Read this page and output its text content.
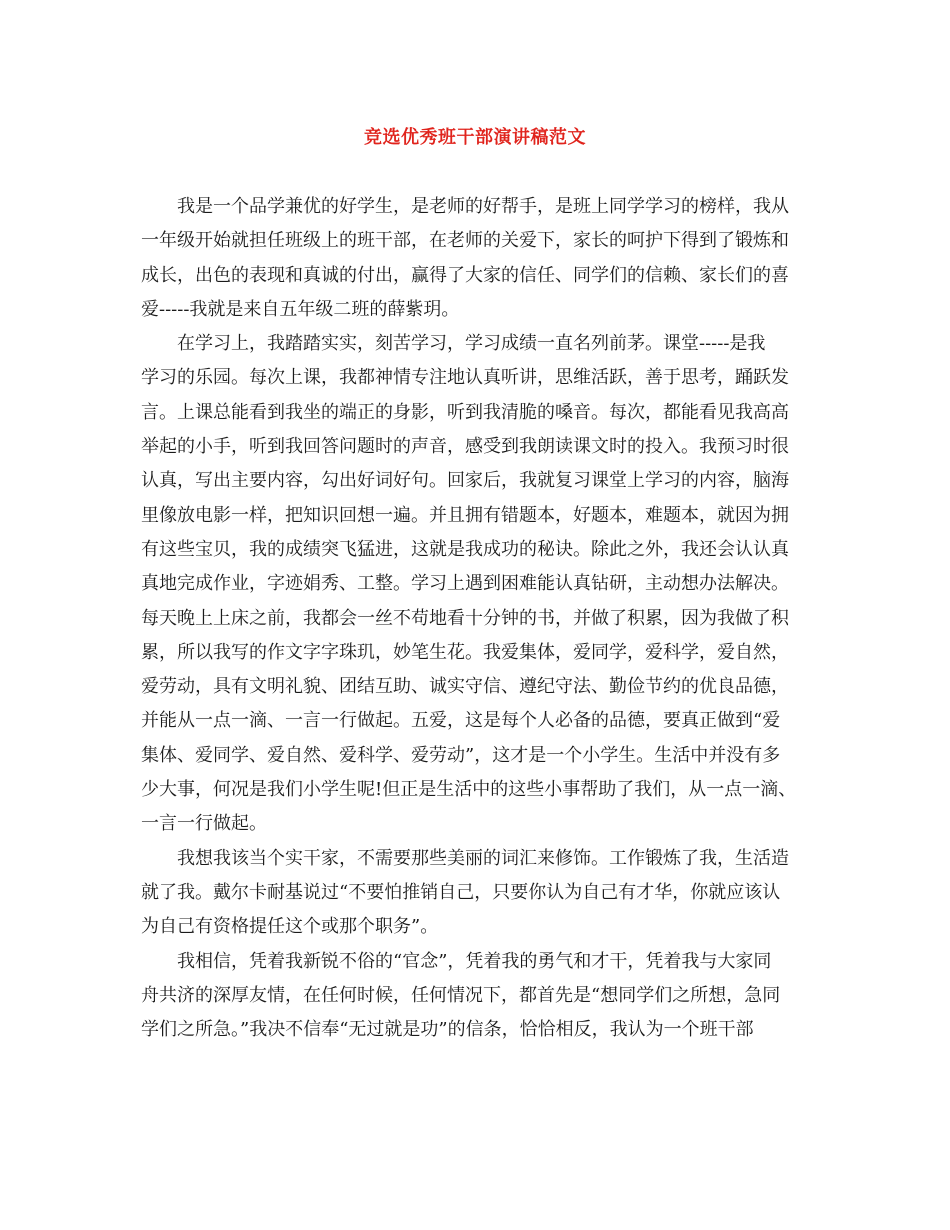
竞选优秀班干部演讲稿范文
我是一个品学兼优的好学生，是老师的好帮手，是班上同学学习的榜样，我从
一年级开始就担任班级上的班干部，在老师的关爱下，家长的呵护下得到了锻炼和
成长，出色的表现和真诚的付出，赢得了大家的信任、同学们的信赖、家长们的喜
爱-----我就是来自五年级二班的薛紫玥。
在学习上，我踏踏实实，刻苦学习，学习成绩一直名列前茅。课堂-----是我
学习的乐园。每次上课，我都神情专注地认真听讲，思维活跃，善于思考，踊跃发
言。上课总能看到我坐的端正的身影，听到我清脆的嗓音。每次，都能看见我高高
举起的小手，听到我回答问题时的声音，感受到我朗读课文时的投入。我预习时很
认真，写出主要内容，勾出好词好句。回家后，我就复习课堂上学习的内容，脑海
里像放电影一样，把知识回想一遍。并且拥有错题本，好题本，难题本，就因为拥
有这些宝贝，我的成绩突飞猛进，这就是我成功的秘诀。除此之外，我还会认认真
真地完成作业，字迹娟秀、工整。学习上遇到困难能认真钻研，主动想办法解决。
每天晚上上床之前，我都会一丝不苟地看十分钟的书，并做了积累，因为我做了积
累，所以我写的作文字字珠玑，妙笔生花。我爱集体，爱同学，爱科学，爱自然，
爱劳动，具有文明礼貌、团结互助、诚实守信、遵纪守法、勤俭节约的优良品德，
并能从一点一滴、一言一行做起。五爱，这是每个人必备的品德，要真正做到“爱
集体、爱同学、爱自然、爱科学、爱劳动”，这才是一个小学生。生活中并没有多
少大事，何况是我们小学生呢!但正是生活中的这些小事帮助了我们，从一点一滴、
一言一行做起。
我想我该当个实干家，不需要那些美丽的词汇来修饰。工作锻炼了我，生活造
就了我。戴尔卡耐基说过“不要怕推销自己，只要你认为自己有才华，你就应该认
为自己有资格提任这个或那个职务”。
我相信，凭着我新锐不俗的“官念”，凭着我的勇气和才干，凭着我与大家同
舟共济的深厚友情，在任何时候，任何情况下，都首先是“想同学们之所想，急同
学们之所急。”我决不信奉“无过就是功”的信条，恰恰相反，我认为一个班干部
